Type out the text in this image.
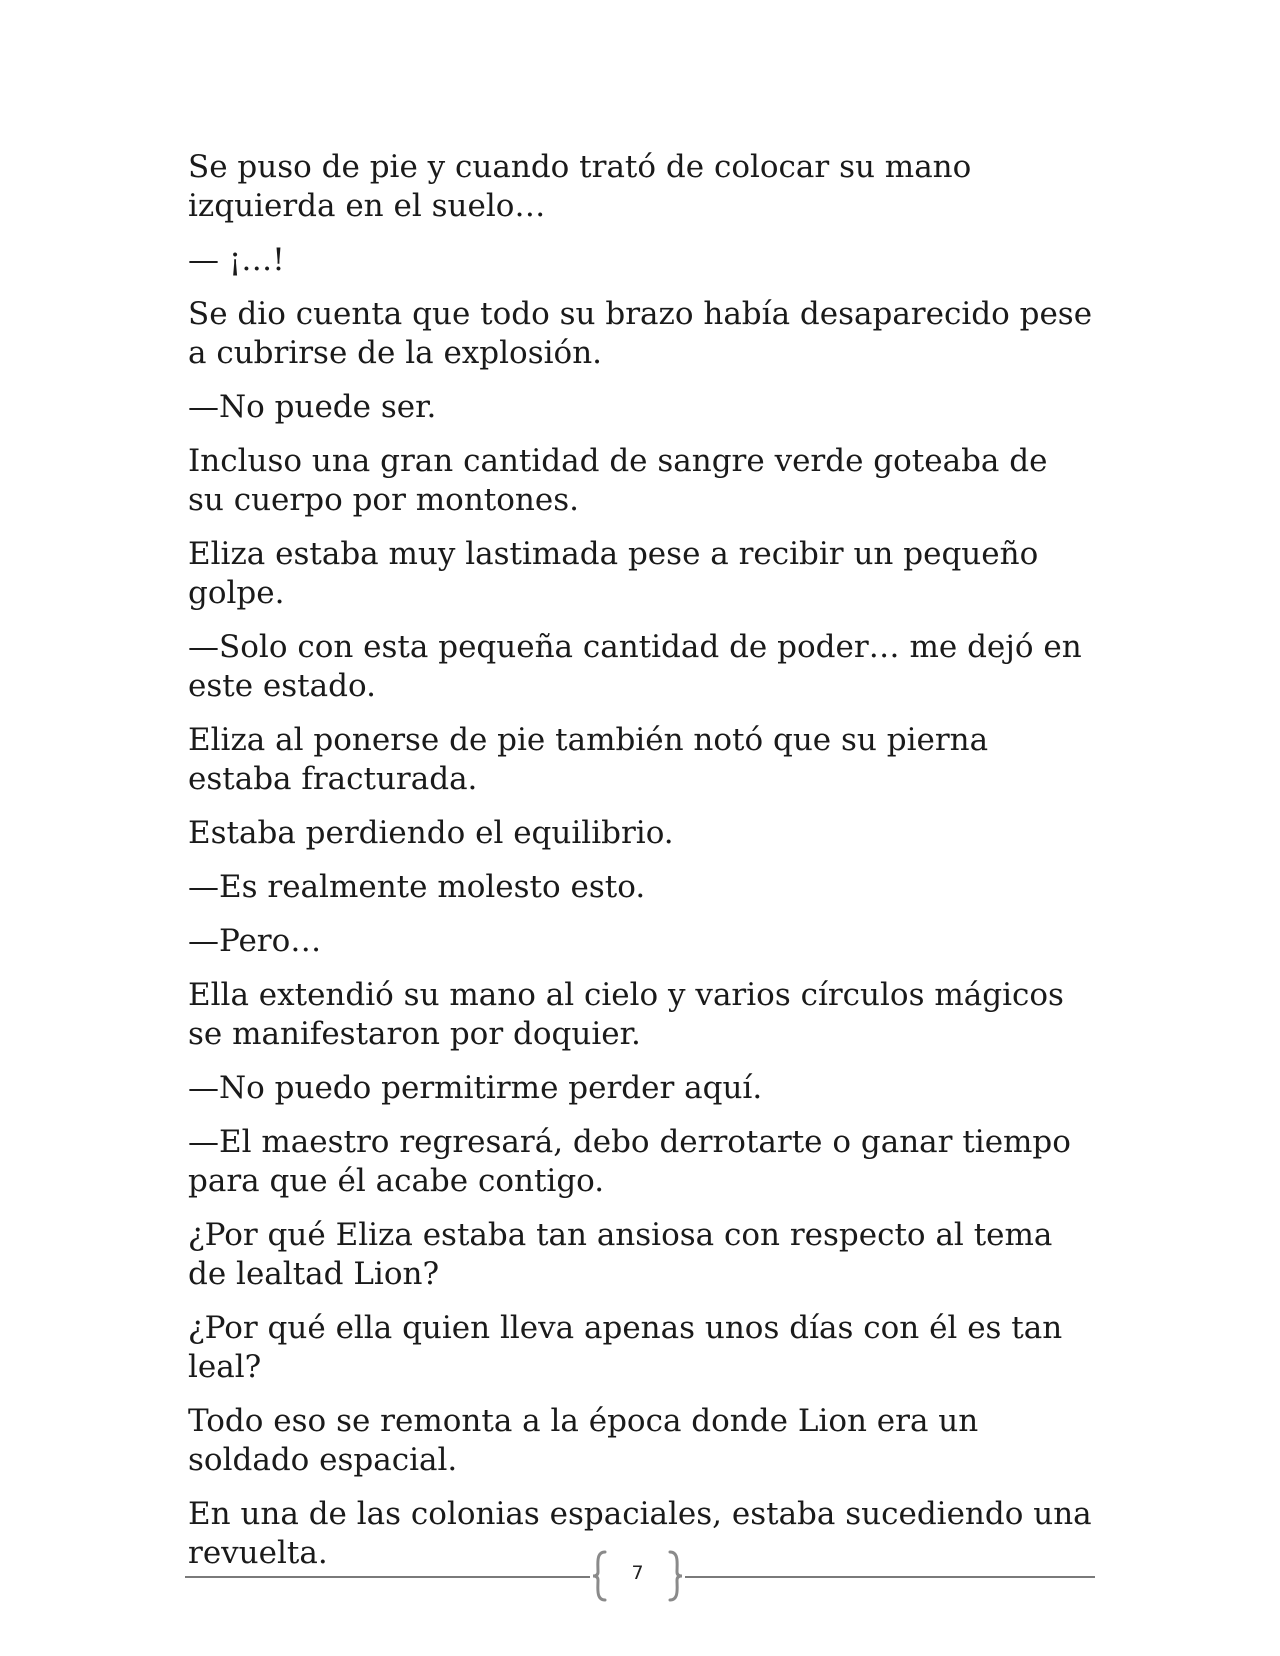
Se puso de pie y cuando trató de colocar su mano izquierda en el suelo…

— ¡…!

Se dio cuenta que todo su brazo había desaparecido pese a cubrirse de la explosión.

—No puede ser.

Incluso una gran cantidad de sangre verde goteaba de su cuerpo por montones.

Eliza estaba muy lastimada pese a recibir un pequeño golpe.

—Solo con esta pequeña cantidad de poder… me dejó en este estado.

Eliza al ponerse de pie también notó que su pierna estaba fracturada.

Estaba perdiendo el equilibrio.

—Es realmente molesto esto.

—Pero…

Ella extendió su mano al cielo y varios círculos mágicos se manifestaron por doquier.

—No puedo permitirme perder aquí.

—El maestro regresará, debo derrotarte o ganar tiempo para que él acabe contigo.

¿Por qué Eliza estaba tan ansiosa con respecto al tema de lealtad Lion?

¿Por qué ella quien lleva apenas unos días con él es tan leal?

Todo eso se remonta a la época donde Lion era un soldado espacial.

En una de las colonias espaciales, estaba sucediendo una revuelta.

7
